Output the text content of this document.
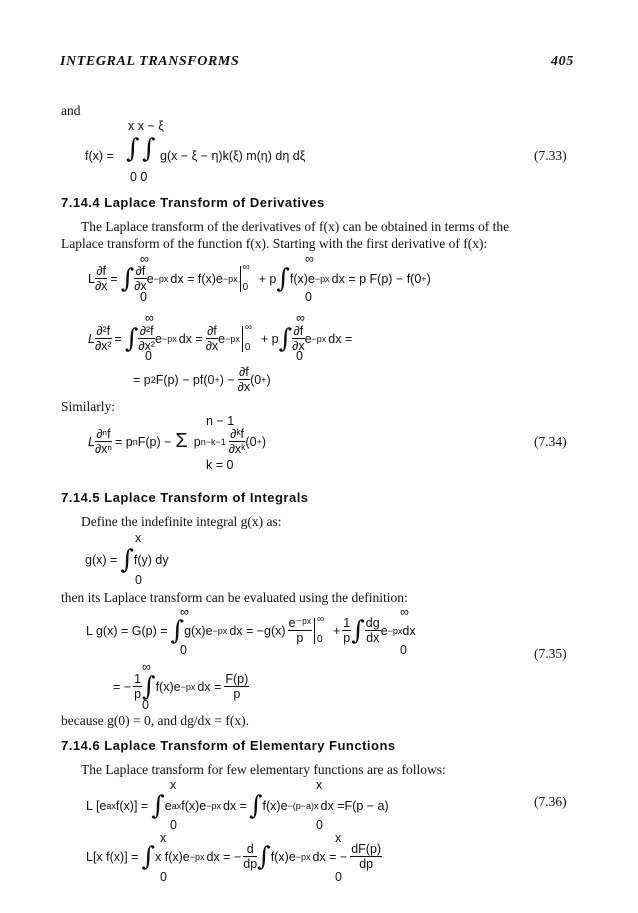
INTEGRAL TRANSFORMS	405
and
x x − ξ
f(x) = ∫ ∫ g(x − ξ − η)k(ξ) m(η) dη dξ
0 0
(7.33)
7.14.4 Laplace Transform of Derivatives
The Laplace transform of the derivatives of f(x) can be obtained in terms of the
Laplace transform of the function f(x). Starting with the first derivative of f(x):
∞	∞
L $\frac{\partial f}{\partial x}$ = ∫ $\frac{\partial f}{\partial x}$ e −px dx = f(x)e −px
∞
0
+ p ∫ f(x)e −px dx = p F(p) − f(0 + )
0	0
∞	∞
L $\frac{\text{∂²f}}{\text{∂x²}}$ = ∫ $\frac{\text{∂²f}}{\text{∂x²}}$ e −px dx = $\frac{\partial f}{\partial x}$ e −px
∞
0
+ p ∫ $\frac{\partial f}{\partial x}$ e −px dx =
0	0
= p 2 F(p) − pf(0 + ) − $\frac{\partial f}{\partial x} (0$ + )
Similarly:
n − 1
L $\frac{\text{∂ⁿf}}{\text{∂xⁿ}} = p$ n F(p) − Σ p $n-k-1 \frac{\text{∂ᵏf}}{\text{∂xᵏ}} (0$ + )
k = 0
(7.34)
7.14.5 Laplace Transform of Integrals
Define the indefinite integral g(x) as:
x
g(x) = ∫ f(y) dy
0
then its Laplace transform can be evaluated using the definition:
∞	∞
L g(x) = G(p) = ∫ g(x)e −px dx = $-g(x) \frac{\text{e⁻ᵖˣ}}{p}$ ∞
0
+ $\frac{1}{p}$ ∫ $\frac{dg}{dx}$ e −px dx
0	0	(7.35)
∞
= − $\frac{1}{p}$ ∫ f(x)e −px dx = $\frac{F(p)}{p}$
0
because g(0) = 0, and dg/dx = f(x).
7.14.6 Laplace Transform of Elementary Functions
The Laplace transform for few elementary functions are as follows:
x	x
L [e ax f(x)] = ∫ e ax f(x)e −px dx = ∫ f(x)e −(p−a)x dx =F(p − a)
0	0
(7.36)
x	x
L[x f(x)] = ∫ x f(x)e −px dx = − $\frac{d}{dp}$ ∫ f(x)e −px dx = − $\frac{dF(p)}{dp}$
0	0
